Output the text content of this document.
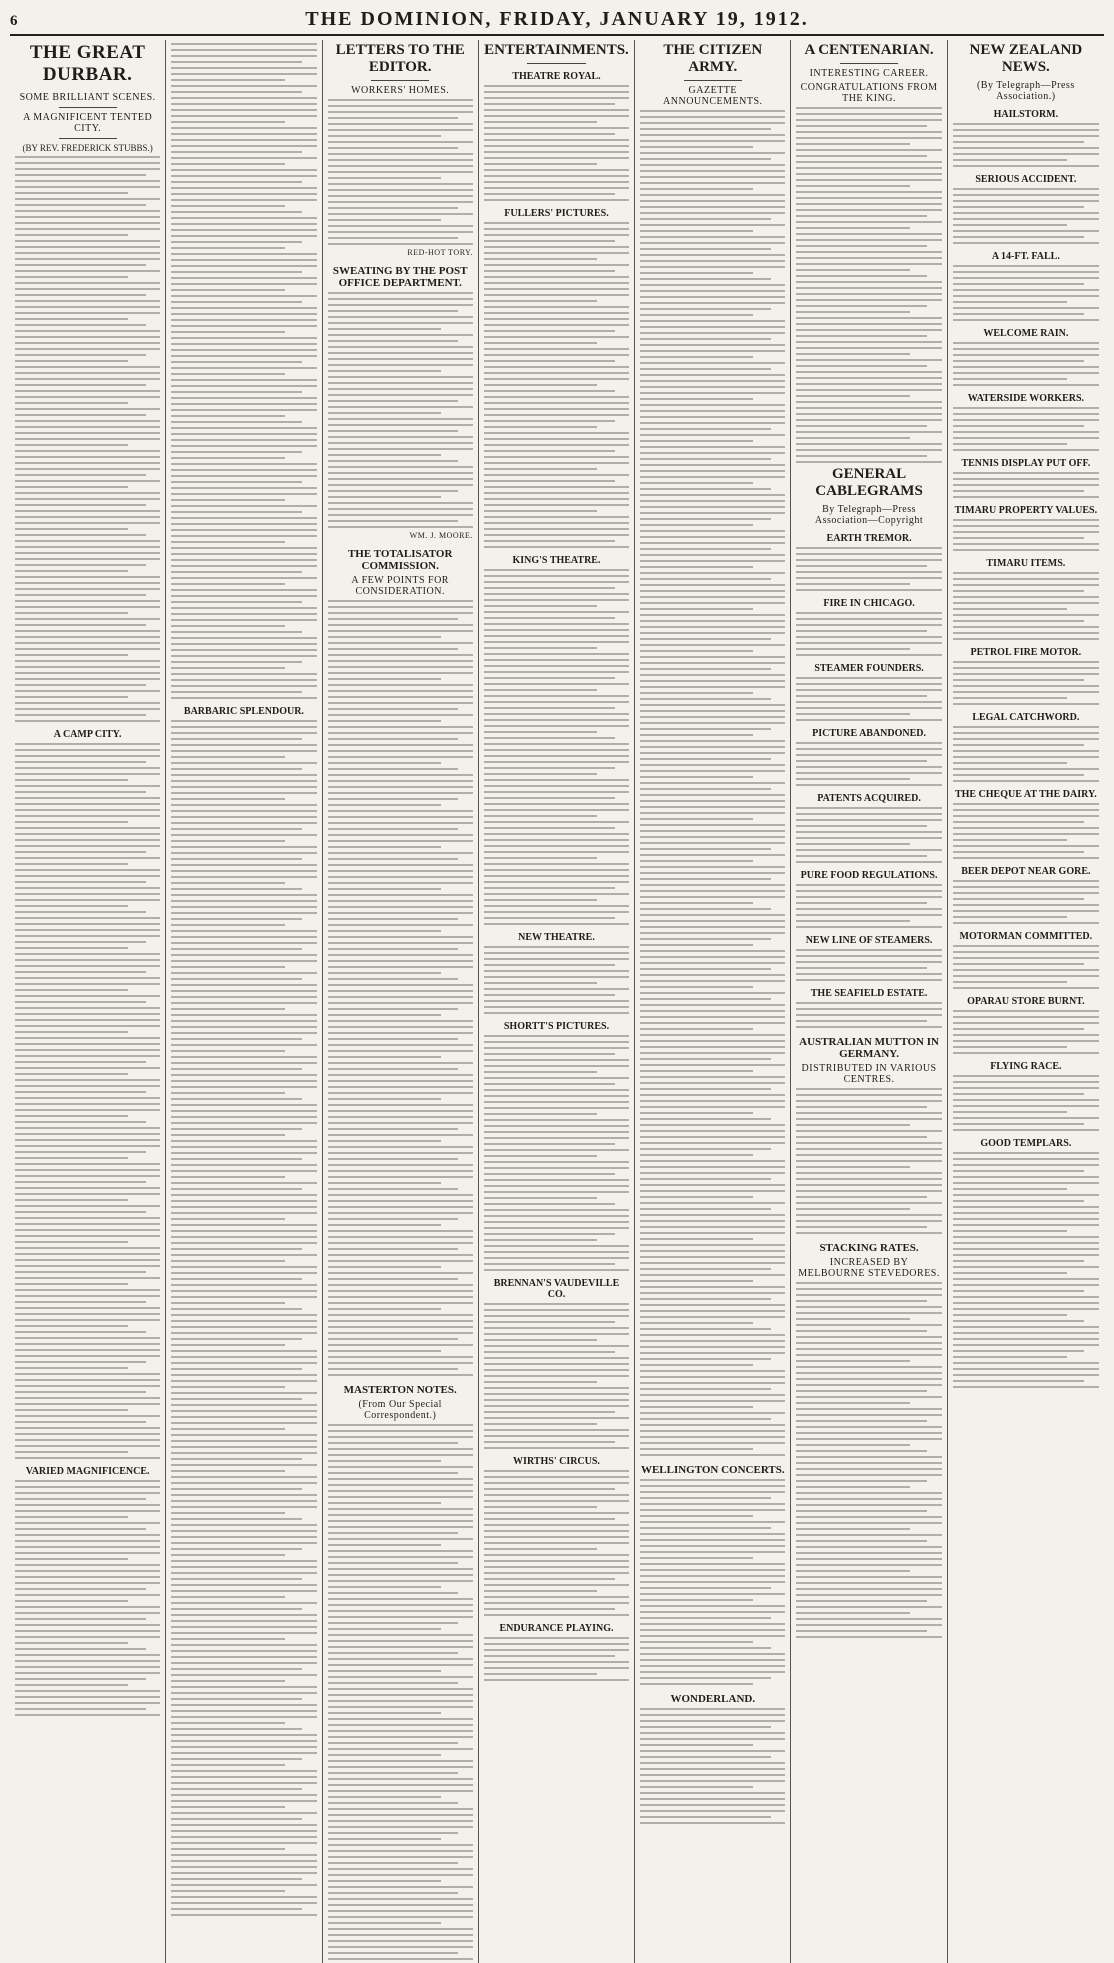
6	THE DOMINION, FRIDAY, JANUARY 19, 1912.
THE GREAT DURBAR.
SOME BRILLIANT SCENES.
A MAGNIFICENT TENTED CITY.
(BY REV. FREDERICK STUBBS.)
A CAMP CITY.
VARIED MAGNIFICENCE.
BARBARIC SPLENDOUR.
LETTERS TO THE EDITOR.
WORKERS' HOMES.
RED-HOT TORY.
SWEATING BY THE POST OFFICE DEPARTMENT.
WM. J. MOORE.
THE TOTALISATOR COMMISSION.
A FEW POINTS FOR CONSIDERATION.
MASTERTON NOTES.
(From Our Special Correspondent.)
ENTERTAINMENTS.
THEATRE ROYAL.
FULLERS' PICTURES.
KING'S THEATRE.
NEW THEATRE.
SHORTT'S PICTURES.
BRENNAN'S VAUDEVILLE CO.
WIRTHS' CIRCUS.
ENDURANCE PLAYING.
THE CITIZEN ARMY.
GAZETTE ANNOUNCEMENTS.
WELLINGTON CONCERTS.
WONDERLAND.
A CENTENARIAN.
INTERESTING CAREER.
CONGRATULATIONS FROM THE KING.
GENERAL CABLEGRAMS
By Telegraph—Press Association—Copyright
EARTH TREMOR.
FIRE IN CHICAGO.
STEAMER FOUNDERS.
PICTURE ABANDONED.
PATENTS ACQUIRED.
PURE FOOD REGULATIONS.
NEW LINE OF STEAMERS.
THE SEAFIELD ESTATE.
AUSTRALIAN MUTTON IN GERMANY.
DISTRIBUTED IN VARIOUS CENTRES.
STACKING RATES.
INCREASED BY MELBOURNE STEVEDORES.
NEW ZEALAND NEWS.
(By Telegraph—Press Association.)
HAILSTORM.
SERIOUS ACCIDENT.
A 14-FT. FALL.
WELCOME RAIN.
WATERSIDE WORKERS.
TENNIS DISPLAY PUT OFF.
TIMARU PROPERTY VALUES.
TIMARU ITEMS.
PETROL FIRE MOTOR.
LEGAL CATCHWORD.
THE CHEQUE AT THE DAIRY.
BEER DEPOT NEAR GORE.
MOTORMAN COMMITTED.
OPARAU STORE BURNT.
FLYING RACE.
GOOD TEMPLARS.
